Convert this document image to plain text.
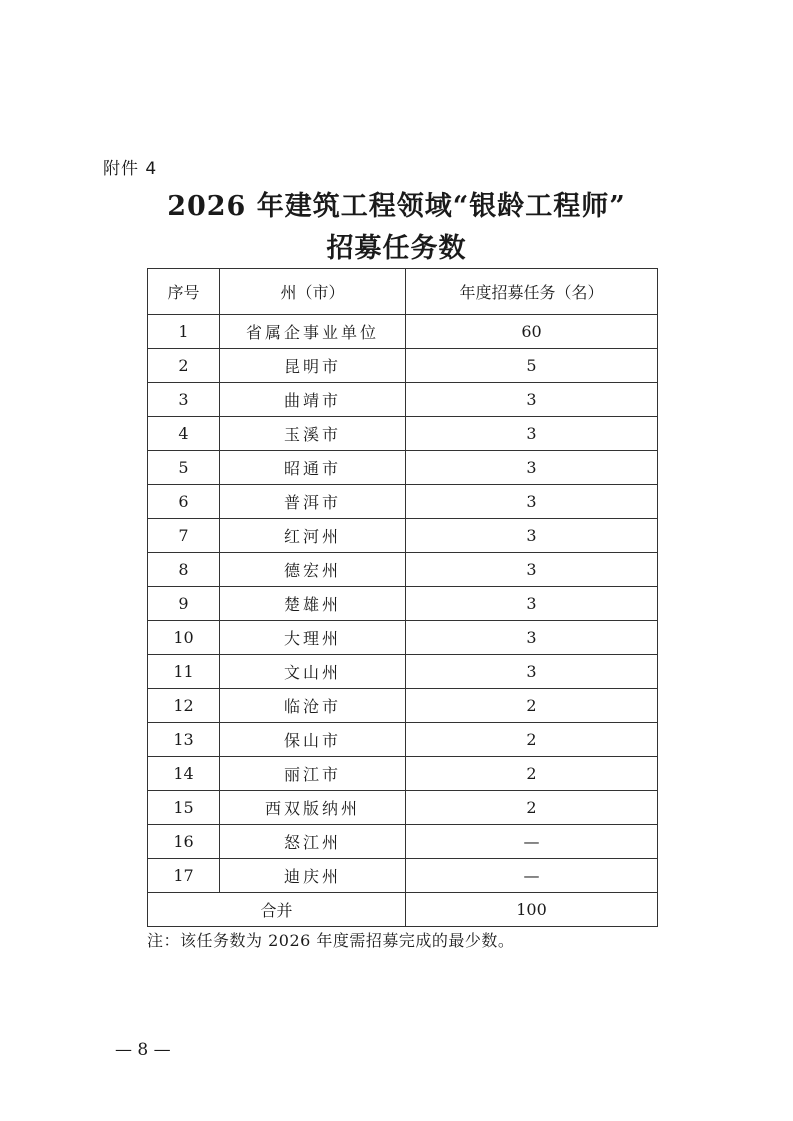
附件 4
2026 年建筑工程领域“银龄工程师”
招募任务数
序号	州（市）	年度招募任务（名）
1	省属企事业单位	60
2	昆明市	5
3	曲靖市	3
4	玉溪市	3
5	昭通市	3
6	普洱市	3
7	红河州	3
8	德宏州	3
9	楚雄州	3
10	大理州	3
11	文山州	3
12	临沧市	2
13	保山市	2
14	丽江市	2
15	西双版纳州	2
16	怒江州	—
17	迪庆州	—
合并		100
注：该任务数为 2026 年度需招募完成的最少数。
— 8 —
